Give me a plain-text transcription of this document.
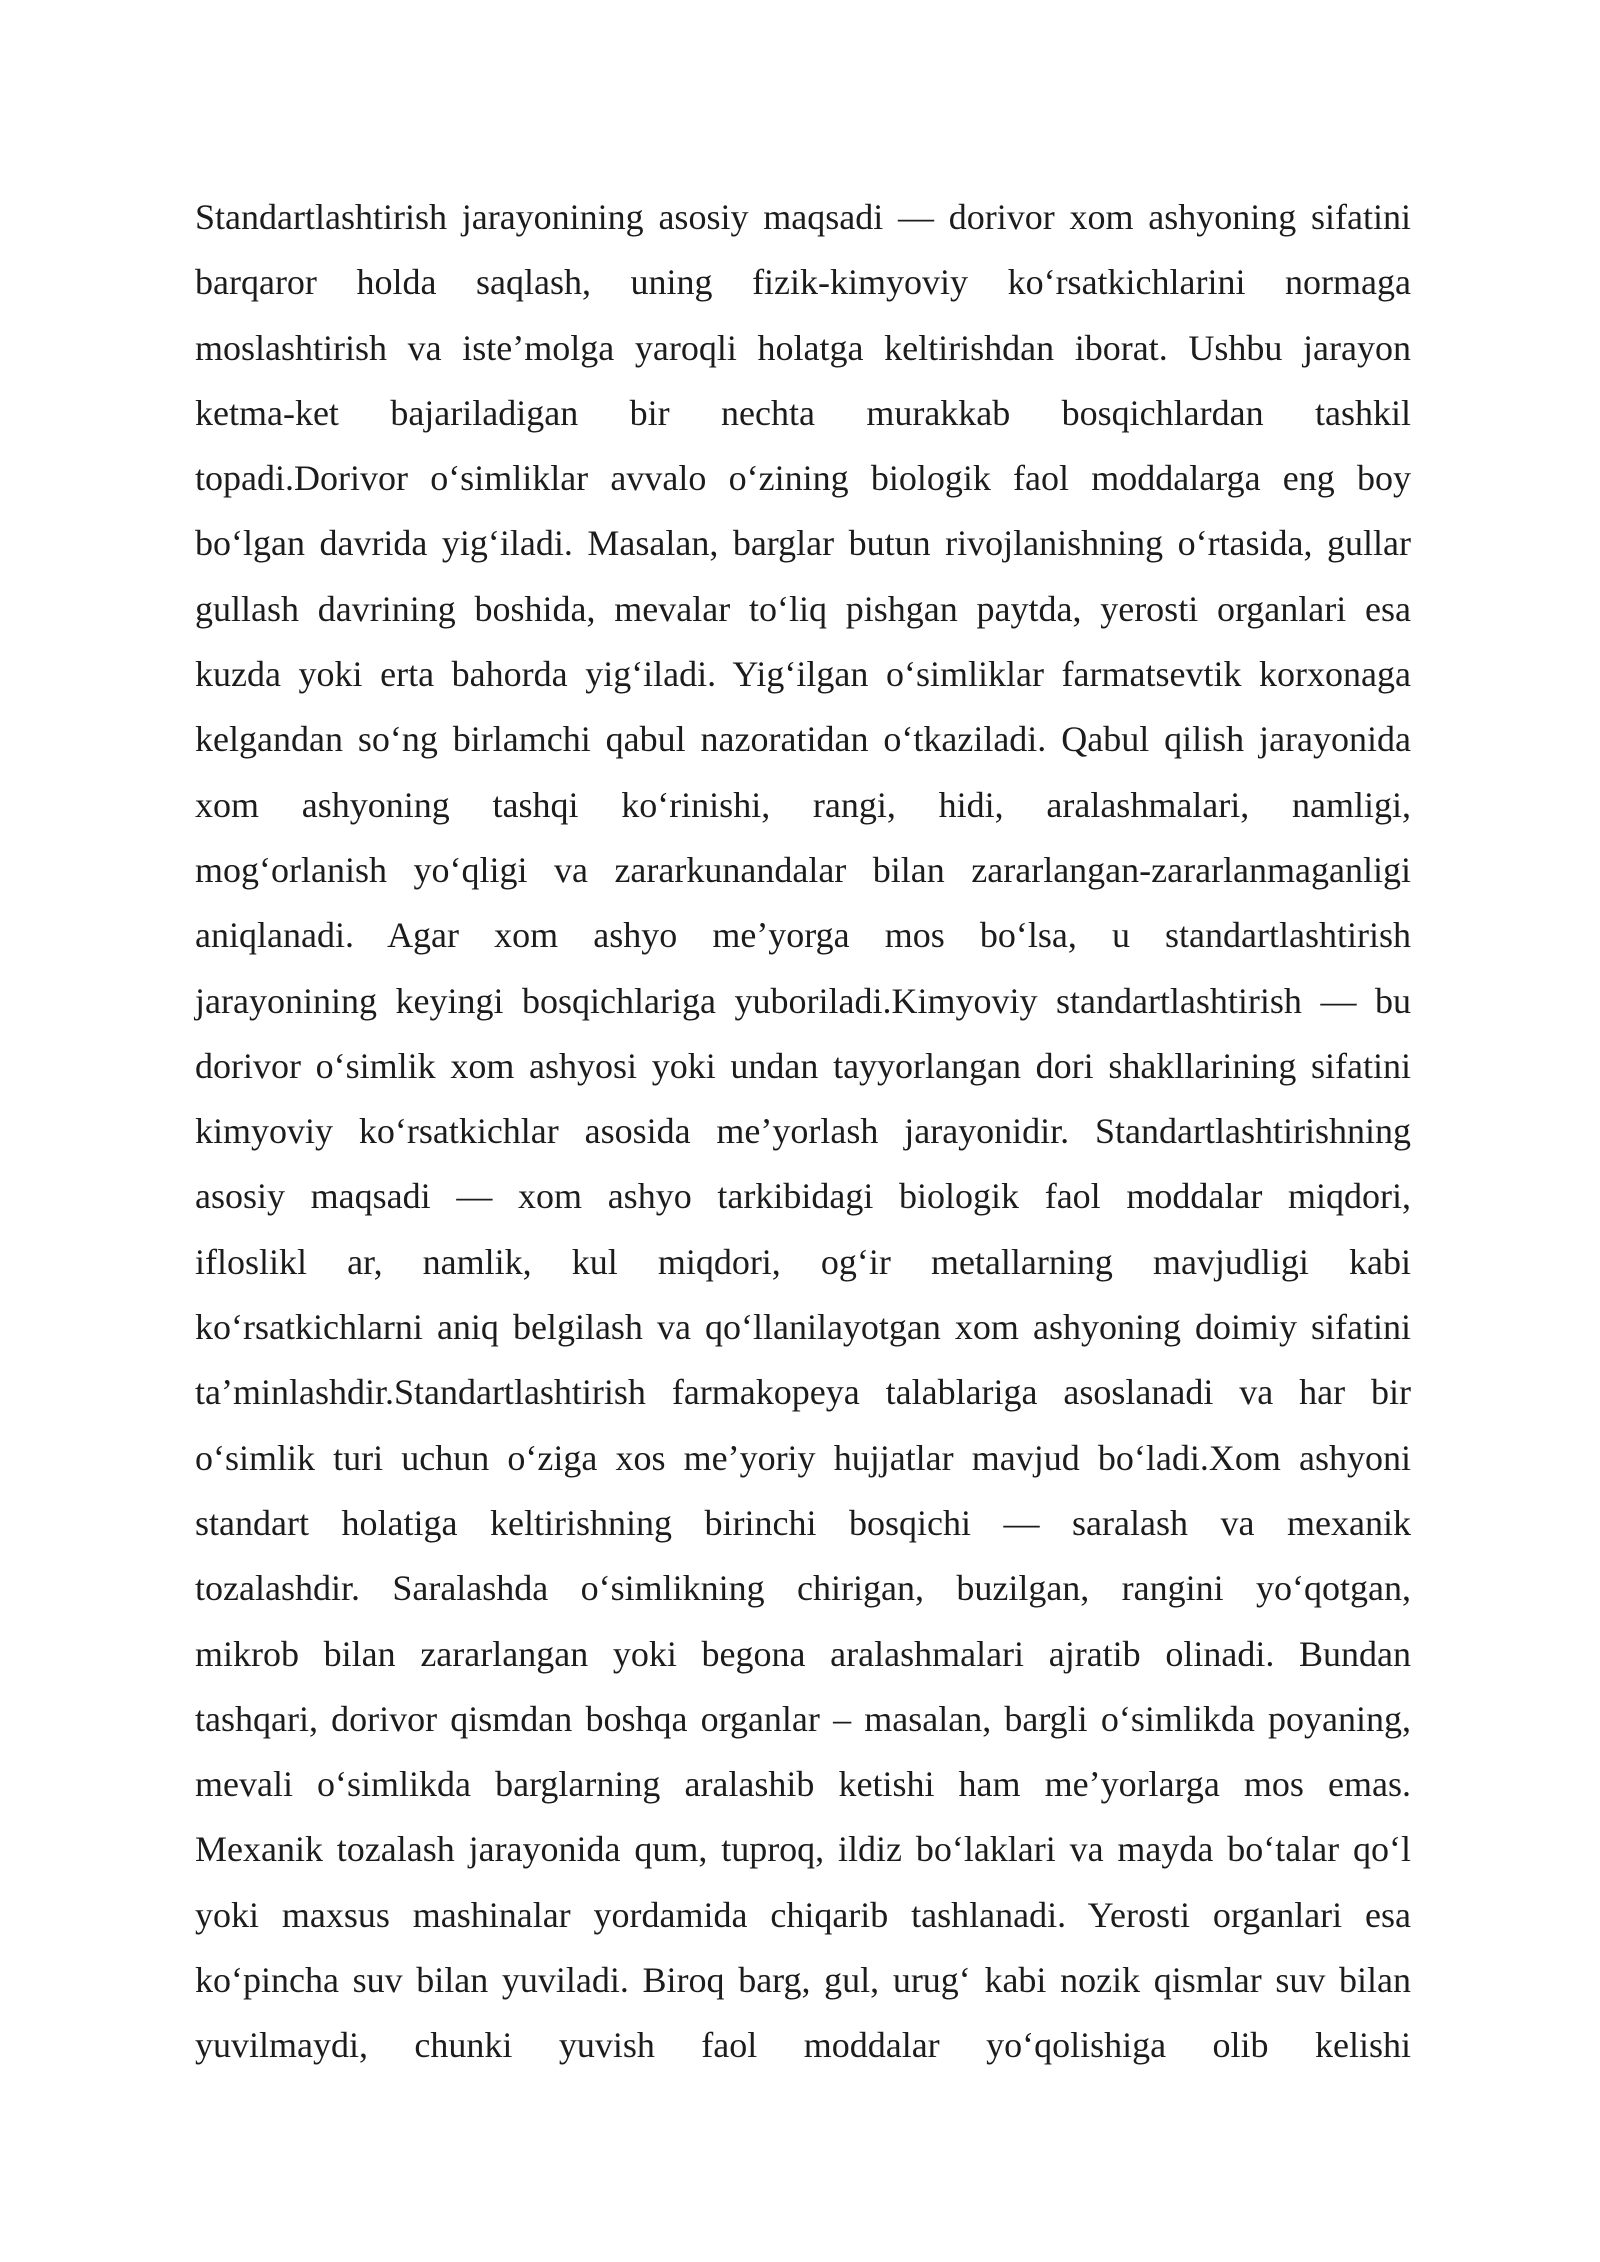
Standartlashtirish jarayonining asosiy maqsadi — dorivor xom ashyoning sifatini
barqaror holda saqlash, uning fizik-kimyoviy koʻrsatkichlarini normaga
moslashtirish va isteʼmolga yaroqli holatga keltirishdan iborat. Ushbu jarayon
ketma-ket bajariladigan bir nechta murakkab bosqichlardan tashkil
topadi.Dorivor oʻsimliklar avvalo oʻzining biologik faol moddalarga eng boy
boʻlgan davrida yigʻiladi. Masalan, barglar butun rivojlanishning oʻrtasida, gullar
gullash davrining boshida, mevalar toʻliq pishgan paytda, yerosti organlari esa
kuzda yoki erta bahorda yigʻiladi. Yigʻilgan oʻsimliklar farmatsevtik korxonaga
kelgandan soʻng birlamchi qabul nazoratidan oʻtkaziladi. Qabul qilish jarayonida
xom ashyoning tashqi koʻrinishi, rangi, hidi, aralashmalari, namligi,
mogʻorlanish yoʻqligi va zararkunandalar bilan zararlangan-zararlanmaganligi
aniqlanadi. Agar xom ashyo meʼyorga mos boʻlsa, u standartlashtirish
jarayonining keyingi bosqichlariga yuboriladi.Kimyoviy standartlashtirish — bu
dorivor oʻsimlik xom ashyosi yoki undan tayyorlangan dori shakllarining sifatini
kimyoviy koʻrsatkichlar asosida meʼyorlash jarayonidir. Standartlashtirishning
asosiy maqsadi — xom ashyo tarkibidagi biologik faol moddalar miqdori,
ifloslikl ar, namlik, kul miqdori, ogʻir metallarning mavjudligi kabi
koʻrsatkichlarni aniq belgilash va qoʻllanilayotgan xom ashyoning doimiy sifatini
taʼminlashdir.Standartlashtirish farmakopeya talablariga asoslanadi va har bir
oʻsimlik turi uchun oʻziga xos meʼyoriy hujjatlar mavjud boʻladi.Xom ashyoni
standart holatiga keltirishning birinchi bosqichi — saralash va mexanik
tozalashdir. Saralashda oʻsimlikning chirigan, buzilgan, rangini yoʻqotgan,
mikrob bilan zararlangan yoki begona aralashmalari ajratib olinadi. Bundan
tashqari, dorivor qismdan boshqa organlar – masalan, bargli oʻsimlikda poyaning,
mevali oʻsimlikda barglarning aralashib ketishi ham meʼyorlarga mos emas.
Mexanik tozalash jarayonida qum, tuproq, ildiz boʻlaklari va mayda boʻtalar qoʻl
yoki maxsus mashinalar yordamida chiqarib tashlanadi. Yerosti organlari esa
koʻpincha suv bilan yuviladi. Biroq barg, gul, urugʻ kabi nozik qismlar suv bilan
yuvilmaydi, chunki yuvish faol moddalar yoʻqolishiga olib kelishi
